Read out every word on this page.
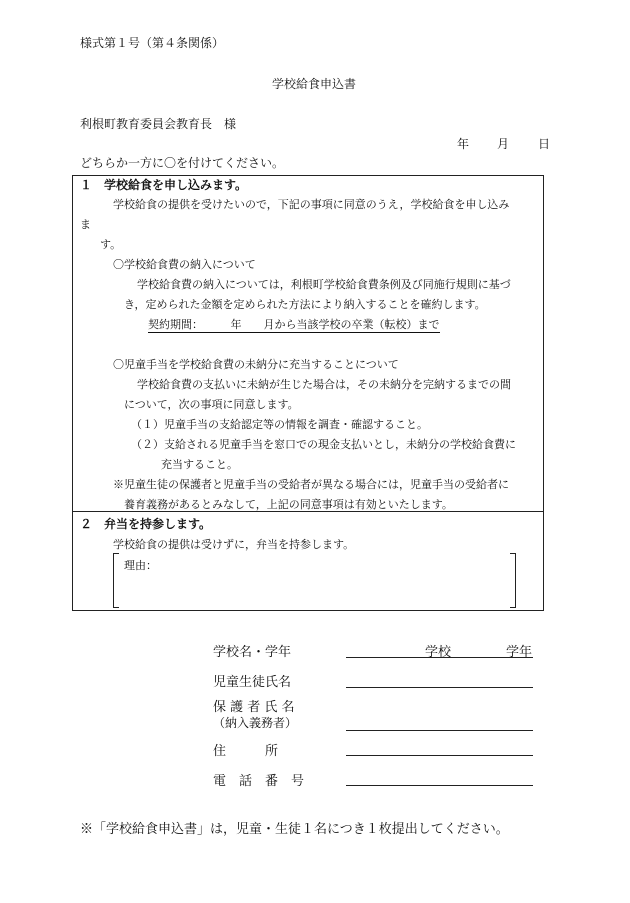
様式第１号（第４条関係）
学校給食申込書
利根町教育委員会教育長　様
年 月 日
どちらか一方に〇を付けてください。
１　学校給食を申し込みます。
学校給食の提供を受けたいので，下記の事項に同意のうえ，学校給食を申し込み
ま
す。
〇学校給食費の納入について
学校給食費の納入については，利根町学校給食費条例及び同施行規則に基づ
き，定められた金額を定められた方法により納入することを確約します。
契約期間：　　　年　　月から当該学校の卒業（転校）まで
〇児童手当を学校給食費の未納分に充当することについて
学校給食費の支払いに未納が生じた場合は，その未納分を完納するまでの間
について，次の事項に同意します。
（１）児童手当の支給認定等の情報を調査・確認すること。
（２）支給される児童手当を窓口での現金支払いとし，未納分の学校給食費に
充当すること。
※児童生徒の保護者と児童手当の受給者が異なる場合には，児童手当の受給者に
養育義務があるとみなして，上記の同意事項は有効といたします。
２　弁当を持参します。
学校給食の提供は受けずに，弁当を持参します。
理由：
学校名・学年	学校	学年
児童生徒氏名
保 護 者 氏 名
（納入義務者）
住　　　所
電　話　番　号
※「学校給食申込書」は，児童・生徒１名につき１枚提出してください。
